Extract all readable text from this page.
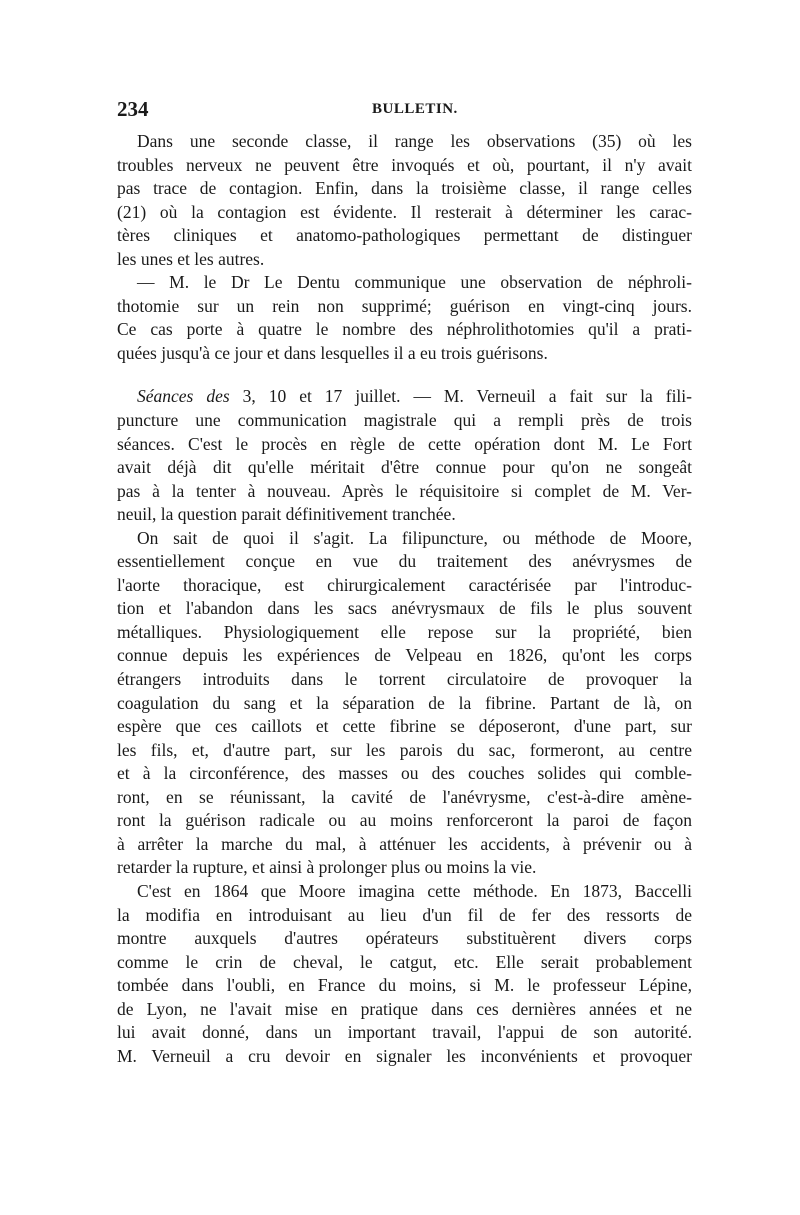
234	BULLETIN.
Dans une seconde classe, il range les observations (35) où les
troubles nerveux ne peuvent être invoqués et où, pourtant, il n'y avait
pas trace de contagion. Enfin, dans la troisième classe, il range celles
(21) où la contagion est évidente. Il resterait à déterminer les carac-
tères cliniques et anatomo-pathologiques permettant de distinguer
les unes et les autres.
— M. le Dr Le Dentu communique une observation de néphroli-
thotomie sur un rein non supprimé; guérison en vingt-cinq jours.
Ce cas porte à quatre le nombre des néphrolithotomies qu'il a prati-
quées jusqu'à ce jour et dans lesquelles il a eu trois guérisons.
Séances des 3, 10 et 17 juillet. — M. Verneuil a fait sur la fili-
puncture une communication magistrale qui a rempli près de trois
séances. C'est le procès en règle de cette opération dont M. Le Fort
avait déjà dit qu'elle méritait d'être connue pour qu'on ne songeât
pas à la tenter à nouveau. Après le réquisitoire si complet de M. Ver-
neuil, la question parait définitivement tranchée.
On sait de quoi il s'agit. La filipuncture, ou méthode de Moore,
essentiellement conçue en vue du traitement des anévrysmes de
l'aorte thoracique, est chirurgicalement caractérisée par l'introduc-
tion et l'abandon dans les sacs anévrysmaux de fils le plus souvent
métalliques. Physiologiquement elle repose sur la propriété, bien
connue depuis les expériences de Velpeau en 1826, qu'ont les corps
étrangers introduits dans le torrent circulatoire de provoquer la
coagulation du sang et la séparation de la fibrine. Partant de là, on
espère que ces caillots et cette fibrine se déposeront, d'une part, sur
les fils, et, d'autre part, sur les parois du sac, formeront, au centre
et à la circonférence, des masses ou des couches solides qui comble-
ront, en se réunissant, la cavité de l'anévrysme, c'est-à-dire amène-
ront la guérison radicale ou au moins renforceront la paroi de façon
à arrêter la marche du mal, à atténuer les accidents, à prévenir ou à
retarder la rupture, et ainsi à prolonger plus ou moins la vie.
C'est en 1864 que Moore imagina cette méthode. En 1873, Baccelli
la modifia en introduisant au lieu d'un fil de fer des ressorts de
montre auxquels d'autres opérateurs substituèrent divers corps
comme le crin de cheval, le catgut, etc. Elle serait probablement
tombée dans l'oubli, en France du moins, si M. le professeur Lépine,
de Lyon, ne l'avait mise en pratique dans ces dernières années et ne
lui avait donné, dans un important travail, l'appui de son autorité.
M. Verneuil a cru devoir en signaler les inconvénients et provoquer
